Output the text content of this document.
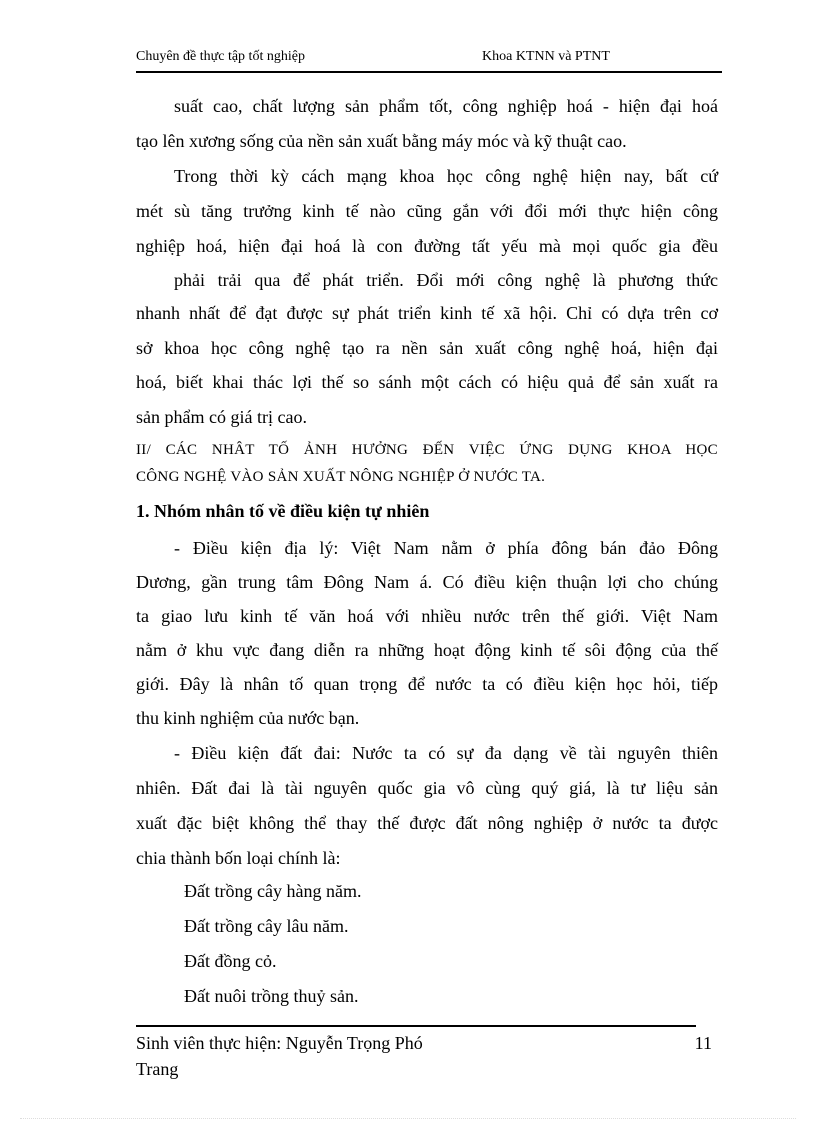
Chuyên đề thực tập tốt nghiệp	Khoa KTNN và PTNT
suất cao, chất lượng sản phẩm tốt, công nghiệp hoá - hiện đại hoá
tạo lên xương sống của nền sản xuất bằng máy móc và kỹ thuật cao.
Trong thời kỳ cách mạng khoa học công nghệ hiện nay, bất cứ
mét sù tăng trưởng kinh tế nào cũng gắn với đổi mới thực hiện công
nghiệp hoá, hiện đại hoá là con đường tất yếu mà mọi quốc gia đều
phải trải qua để phát triển. Đổi mới công nghệ là phương thức
nhanh nhất để đạt được sự phát triển kinh tế xã hội. Chỉ có dựa trên cơ
sở khoa học công nghệ tạo ra nền sản xuất công nghệ hoá, hiện đại
hoá, biết khai thác lợi thế so sánh một cách có hiệu quả để sản xuất ra
sản phẩm có giá trị cao.
II/ CÁC NHÂT TỐ ẢNH HƯỞNG ĐẾN VIỆC ỨNG DỤNG KHOA HỌC
CÔNG NGHỆ VÀO SẢN XUẤT NÔNG NGHIỆP Ở NƯỚC TA.
1. Nhóm nhân tố về điều kiện tự nhiên
- Điều kiện địa lý: Việt Nam nằm ở phía đông bán đảo Đông
Dương, gần trung tâm Đông Nam á. Có điều kiện thuận lợi cho chúng
ta giao lưu kinh tế văn hoá với nhiều nước trên thế giới. Việt Nam
nằm ở khu vực đang diễn ra những hoạt động kinh tế sôi động của thế
giới. Đây là nhân tố quan trọng để nước ta có điều kiện học hỏi, tiếp
thu kinh nghiệm của nước bạn.
- Điều kiện đất đai: Nước ta có sự đa dạng về tài nguyên thiên
nhiên. Đất đai là tài nguyên quốc gia vô cùng quý giá, là tư liệu sản
xuất đặc biệt không thể thay thế được đất nông nghiệp ở nước ta được
chia thành bốn loại chính là:
Đất trồng cây hàng năm.
Đất trồng cây lâu năm.
Đất đồng cỏ.
Đất nuôi trồng thuỷ sản.
Sinh viên thực hiện: Nguyễn Trọng Phó
Trang
11
